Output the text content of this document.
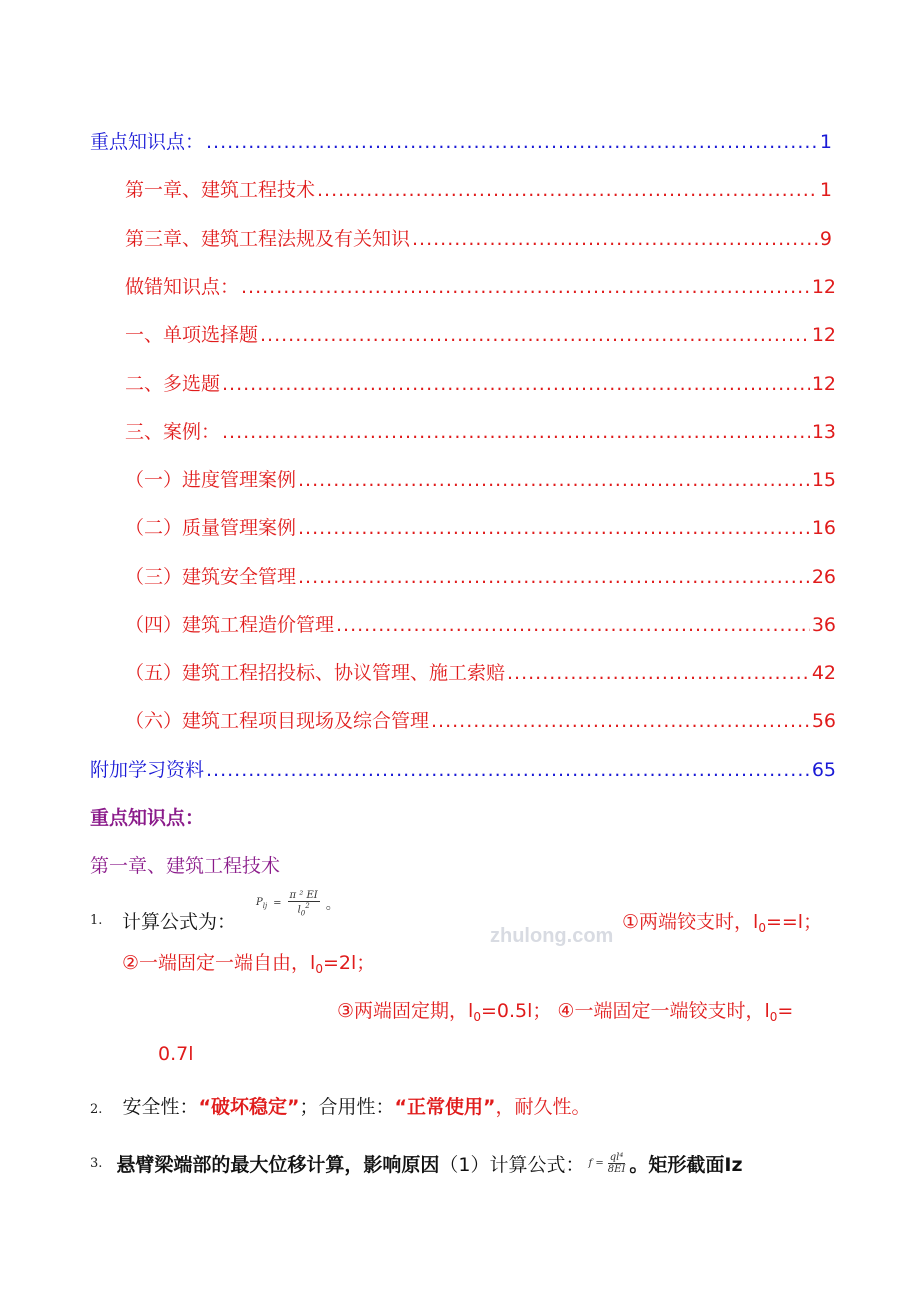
重点知识点： .....	1
第一章、建筑工程技术 .....	1
第三章、建筑工程法规及有关知识 .....	9
做错知识点： .....	12
一、单项选择题 .....	12
二、多选题 .....	12
三、案例： .....	13
（一）进度管理案例 .....	15
（二）质量管理案例 .....	16
（三）建筑安全管理 .....	26
（四）建筑工程造价管理 .....	36
（五）建筑工程招投标、协议管理、施工索赔 .....	42
（六）建筑工程项目现场及综合管理 .....	56
附加学习资料 .....	65
重点知识点：
第一章、建筑工程技术
zhulong.com
1. 计算公式为：
$P_{lj} = \frac{\text{π ² EI}}{l_0^2}$ 。
①两端铰支时，$l_0==l$；
②一端固定一端自由，$l_0=2l$；
③两端固定期，$l_0=0.5l$； ④一端固定一端铰支时，$l_0=$
0.7l
2. 安全性：“破坏稳定”；合用性：“正常使用”，耐久性。
3. 悬臂梁端部的最大位移计算，影响原因 （1）计算公式： $f = \frac{\text{ql⁴}}{8EI}$ 。矩形截面Iz
